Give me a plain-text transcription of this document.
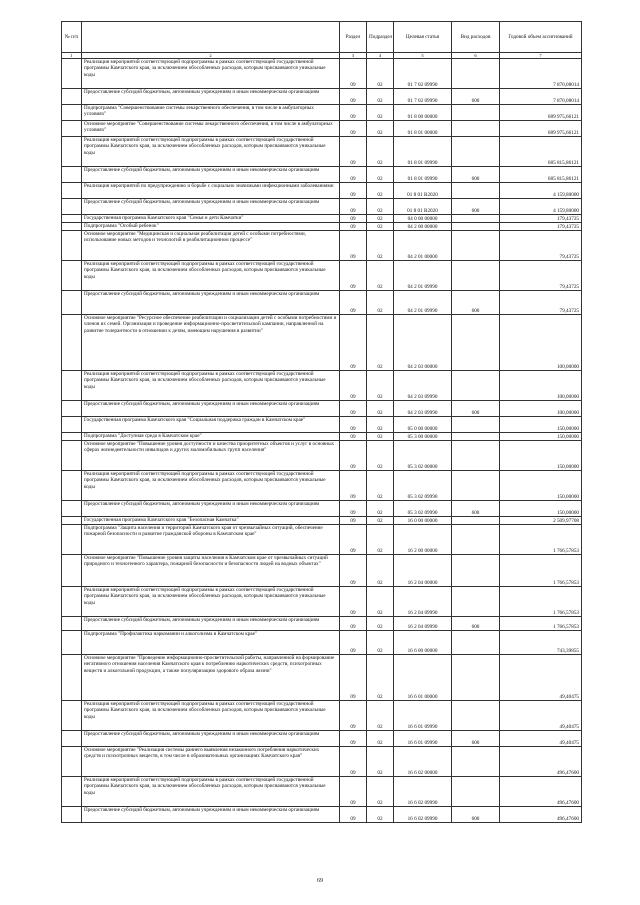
№ п/п		Раздел	Подраздел	Целевая статья	Вид расходов	Годовой объем ассигнований
1	2	3	4	5	6	7
	Реализация мероприятий соответствующей подпрограммы в рамках соответствующей государственной программы Камчатского края, за исключением обособленных расходов, которым присваиваются уникальные коды	09	02	01 7 02 09990		7 870,08014
	Предоставление субсидий бюджетным, автономным учреждениям и иным некоммерческим организациям	09	02	01 7 02 09990	600	7 870,08014
	Подпрограмма "Совершенствование системы лекарственного обеспечения, в том числе в амбулаторных условиях"	09	02	01 8 00 00000		689 975,66121
	Основное мероприятие "Совершенствование системы лекарственного обеспечения, в том числе в амбулаторных условиях"	09	02	01 8 01 00000		689 975,66121
	Реализация мероприятий соответствующей подпрограммы в рамках соответствующей государственной программы Камчатского края, за исключением обособленных расходов, которым присваиваются уникальные коды	09	02	01 8 01 09990		685 815,86121
	Предоставление субсидий бюджетным, автономным учреждениям и иным некоммерческим организациям	09	02	01 8 01 09990	600	685 815,86121
	Реализация мероприятий по предупреждению и борьбе с социально значимыми инфекционными заболеваниями	09	02	01 8 01 R2020		4 159,80000
	Предоставление субсидий бюджетным, автономным учреждениям и иным некоммерческим организациям	09	02	01 8 01 R2020	600	4 159,80000
	Государственная программа Камчатского края "Семья и дети Камчатки"	09	02	04 0 00 00000		179,43725
	Подпрограмма "Особый ребенок"	09	02	04 2 00 00000		179,43725
	Основное мероприятие "Медицинская и социальная реабилитация детей с особыми потребностями, использование новых методов и технологий в реабилитационном процессе"	09	02	04 2 01 00000		79,43725
	Реализация мероприятий соответствующей подпрограммы в рамках соответствующей государственной программы Камчатского края, за исключением обособленных расходов, которым присваиваются уникальные коды	09	02	04 2 01 09990		79,43725
	Предоставление субсидий бюджетным, автономным учреждениям и иным некоммерческим организациям	09	02	04 2 01 09990	600	79,43725
	Основное мероприятие "Ресурсное обеспечение реабилитации и социализации детей с особыми потребностями и членов их семей. Организация и проведение информационно-просветительской кампании, направленной на развитие толерантности в отношении к детям, имеющим нарушения в развитии"	09	02	04 2 03 00000		100,00000
	Реализация мероприятий соответствующей подпрограммы в рамках соответствующей государственной программы Камчатского края, за исключением обособленных расходов, которым присваиваются уникальные коды	09	02	04 2 03 09990		100,00000
	Предоставление субсидий бюджетным, автономным учреждениям и иным некоммерческим организациям	09	02	04 2 03 09990	600	100,00000
	Государственная программа Камчатского края "Социальная поддержка граждан в Камчатском крае"	09	02	05 0 00 00000		150,00000
	Подпрограмма "Доступная среда в Камчатском крае"	09	02	05 3 00 00000		150,00000
	Основное мероприятие "Повышение уровня доступности и качества приоритетных объектов и услуг в основных сферах жизнедеятельности инвалидов и других маломобильных групп населения"	09	02	05 3 02 00000		150,00000
	Реализация мероприятий соответствующей подпрограммы в рамках соответствующей государственной программы Камчатского края, за исключением обособленных расходов, которым присваиваются уникальные коды	09	02	05 3 02 09990		150,00000
	Предоставление субсидий бюджетным, автономным учреждениям и иным некоммерческим организациям	09	02	05 3 02 09990	600	150,00000
	Государственная программа Камчатского края "Безопасная Камчатка"	09	02	16 0 00 00000		2 509,97708
	Подпрограмма "Защита населения и территорий Камчатского края от чрезвычайных ситуаций, обеспечение пожарной безопасности и развитие гражданской обороны в Камчатском крае"	09	02	16 2 00 00000		1 766,57853
	Основное мероприятие "Повышение уровня защиты населения в Камчатском крае от чрезвычайных ситуаций природного и техногенного характера, пожарной безопасности и безопасности людей на водных объектах"	09	02	16 2 04 00000		1 766,57853
	Реализация мероприятий соответствующей подпрограммы в рамках соответствующей государственной программы Камчатского края, за исключением обособленных расходов, которым присваиваются уникальные коды	09	02	16 2 04 09990		1 766,57853
	Предоставление субсидий бюджетным, автономным учреждениям и иным некоммерческим организациям	09	02	16 2 04 09990	600	1 766,57853
	Подпрограмма "Профилактика наркомании и алкоголизма в Камчатском крае"	09	02	16 6 00 00000		743,39855
	Основное мероприятие "Проведение информационно-просветительской работы, направленной на формирование негативного отношения населения Камчатского края к потреблению наркотических средств, психотропных веществ и алкогольной продукции, а также популяризацию здорового образа жизни"	09	02	16 6 01 00000		49,40475
	Реализация мероприятий соответствующей подпрограммы в рамках соответствующей государственной программы Камчатского края, за исключением обособленных расходов, которым присваиваются уникальные коды	09	02	16 6 01 09990		49,40475
	Предоставление субсидий бюджетным, автономным учреждениям и иным некоммерческим организациям	09	02	16 6 01 09990	600	49,40475
	Основное мероприятие "Реализация системы раннего выявления незаконного потребления наркотических средств и психотропных веществ, в том числе в образовательных организациях Камчатского края"	09	02	16 6 02 00000		496,47600
	Реализация мероприятий соответствующей подпрограммы в рамках соответствующей государственной программы Камчатского края, за исключением обособленных расходов, которым присваиваются уникальные коды	09	02	16 6 02 09990		496,47600
	Предоставление субсидий бюджетным, автономным учреждениям и иным некоммерческим организациям	09	02	16 6 02 09990	600	496,47600
69
